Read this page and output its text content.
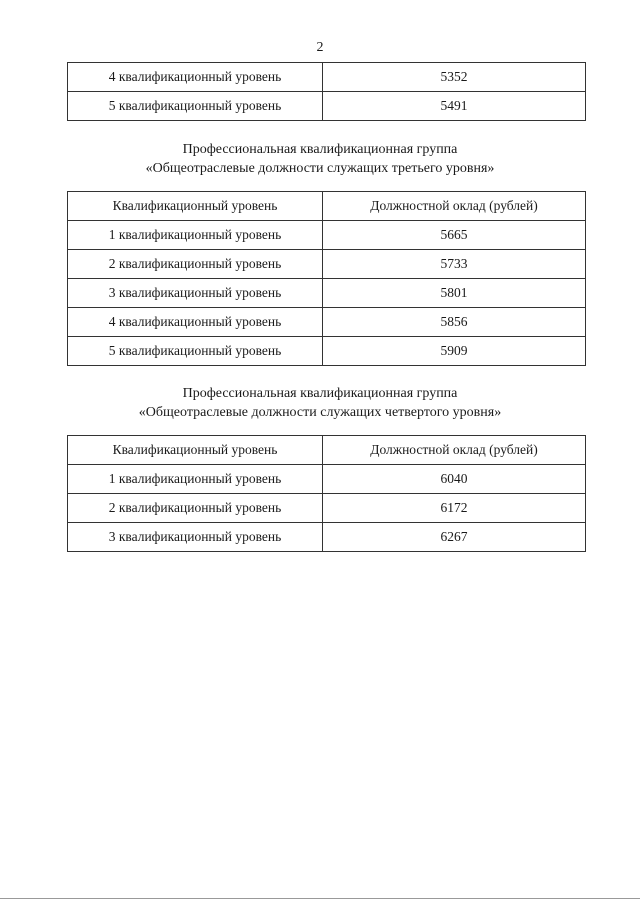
2
4 квалификационный уровень	5352
5 квалификационный уровень	5491
Профессиональная квалификационная группа
«Общеотраслевые должности служащих третьего уровня»
Квалификационный уровень	Должностной оклад (рублей)
1 квалификационный уровень	5665
2 квалификационный уровень	5733
3 квалификационный уровень	5801
4 квалификационный уровень	5856
5 квалификационный уровень	5909
Профессиональная квалификационная группа
«Общеотраслевые должности служащих четвертого уровня»
Квалификационный уровень	Должностной оклад (рублей)
1 квалификационный уровень	6040
2 квалификационный уровень	6172
3 квалификационный уровень	6267
